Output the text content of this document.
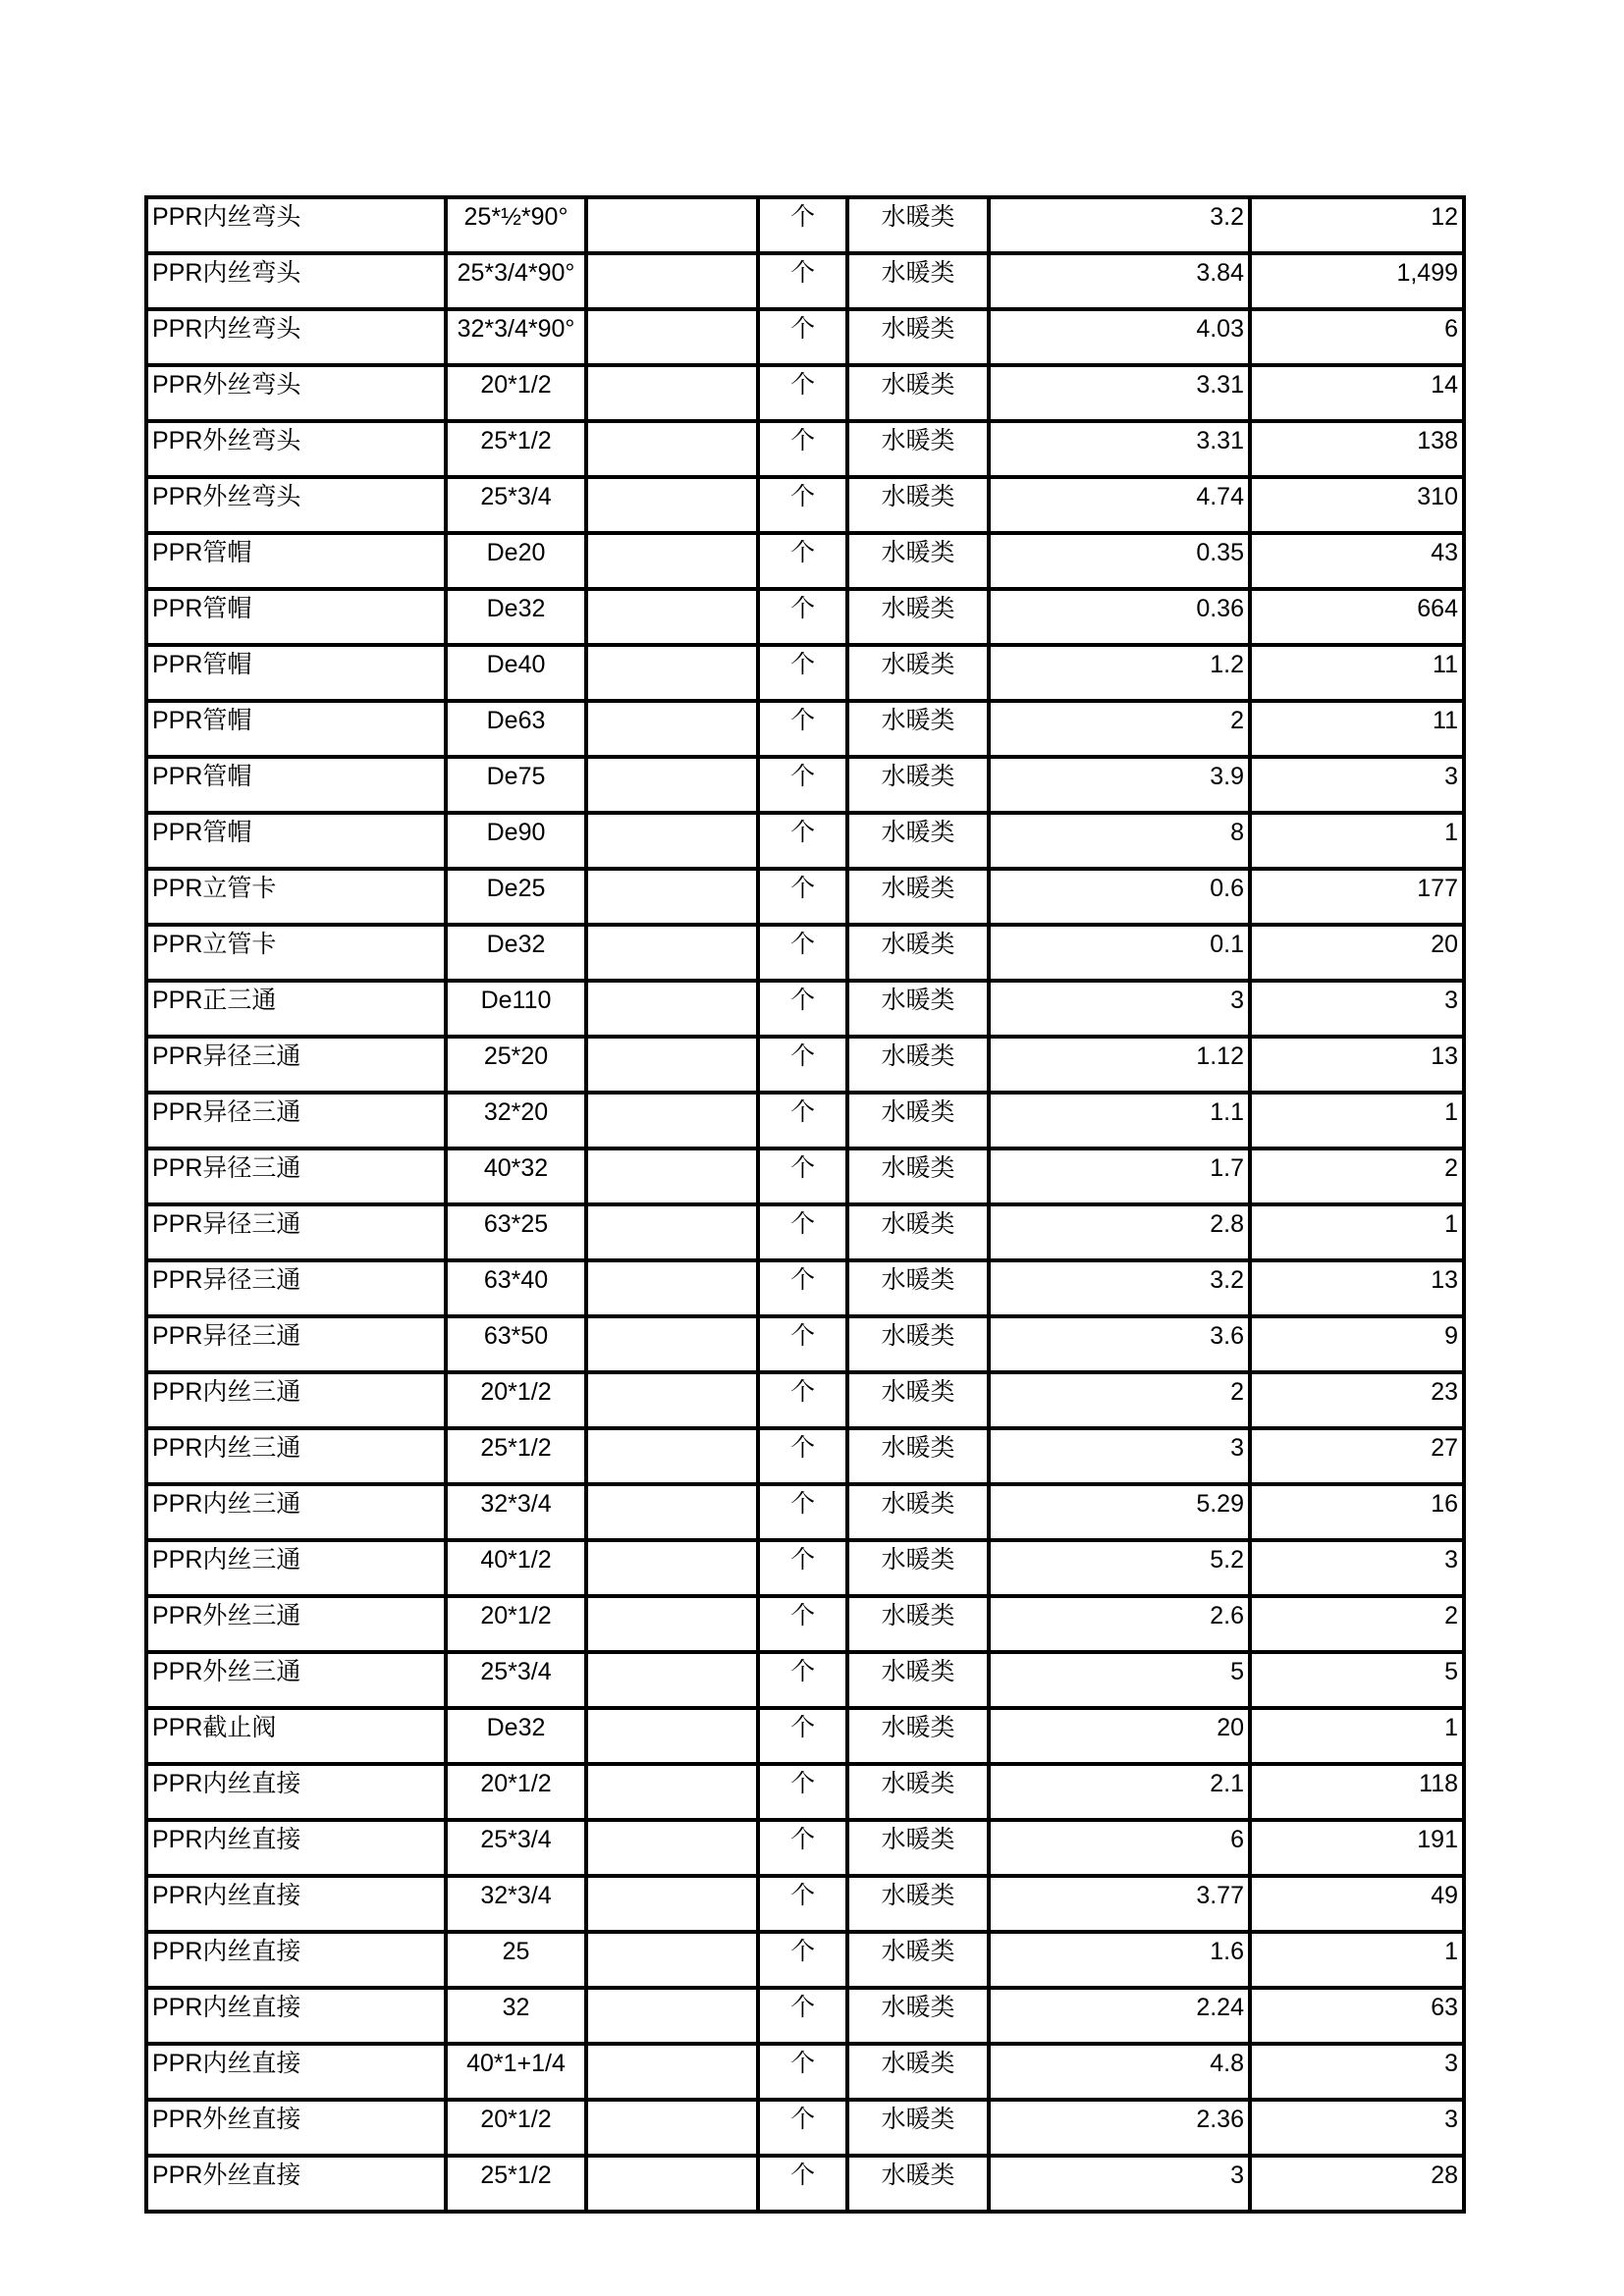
PPR内丝弯头	25*½*90°		个	水暖类	3.2	12
PPR内丝弯头	25*3/4*90°		个	水暖类	3.84	1,499
PPR内丝弯头	32*3/4*90°		个	水暖类	4.03	6
PPR外丝弯头	20*1/2		个	水暖类	3.31	14
PPR外丝弯头	25*1/2		个	水暖类	3.31	138
PPR外丝弯头	25*3/4		个	水暖类	4.74	310
PPR管帽	De20		个	水暖类	0.35	43
PPR管帽	De32		个	水暖类	0.36	664
PPR管帽	De40		个	水暖类	1.2	11
PPR管帽	De63		个	水暖类	2	11
PPR管帽	De75		个	水暖类	3.9	3
PPR管帽	De90		个	水暖类	8	1
PPR立管卡	De25		个	水暖类	0.6	177
PPR立管卡	De32		个	水暖类	0.1	20
PPR正三通	De110		个	水暖类	3	3
PPR异径三通	25*20		个	水暖类	1.12	13
PPR异径三通	32*20		个	水暖类	1.1	1
PPR异径三通	40*32		个	水暖类	1.7	2
PPR异径三通	63*25		个	水暖类	2.8	1
PPR异径三通	63*40		个	水暖类	3.2	13
PPR异径三通	63*50		个	水暖类	3.6	9
PPR内丝三通	20*1/2		个	水暖类	2	23
PPR内丝三通	25*1/2		个	水暖类	3	27
PPR内丝三通	32*3/4		个	水暖类	5.29	16
PPR内丝三通	40*1/2		个	水暖类	5.2	3
PPR外丝三通	20*1/2		个	水暖类	2.6	2
PPR外丝三通	25*3/4		个	水暖类	5	5
PPR截止阀	De32		个	水暖类	20	1
PPR内丝直接	20*1/2		个	水暖类	2.1	118
PPR内丝直接	25*3/4		个	水暖类	6	191
PPR内丝直接	32*3/4		个	水暖类	3.77	49
PPR内丝直接	25		个	水暖类	1.6	1
PPR内丝直接	32		个	水暖类	2.24	63
PPR内丝直接	40*1+1/4		个	水暖类	4.8	3
PPR外丝直接	20*1/2		个	水暖类	2.36	3
PPR外丝直接	25*1/2		个	水暖类	3	28
